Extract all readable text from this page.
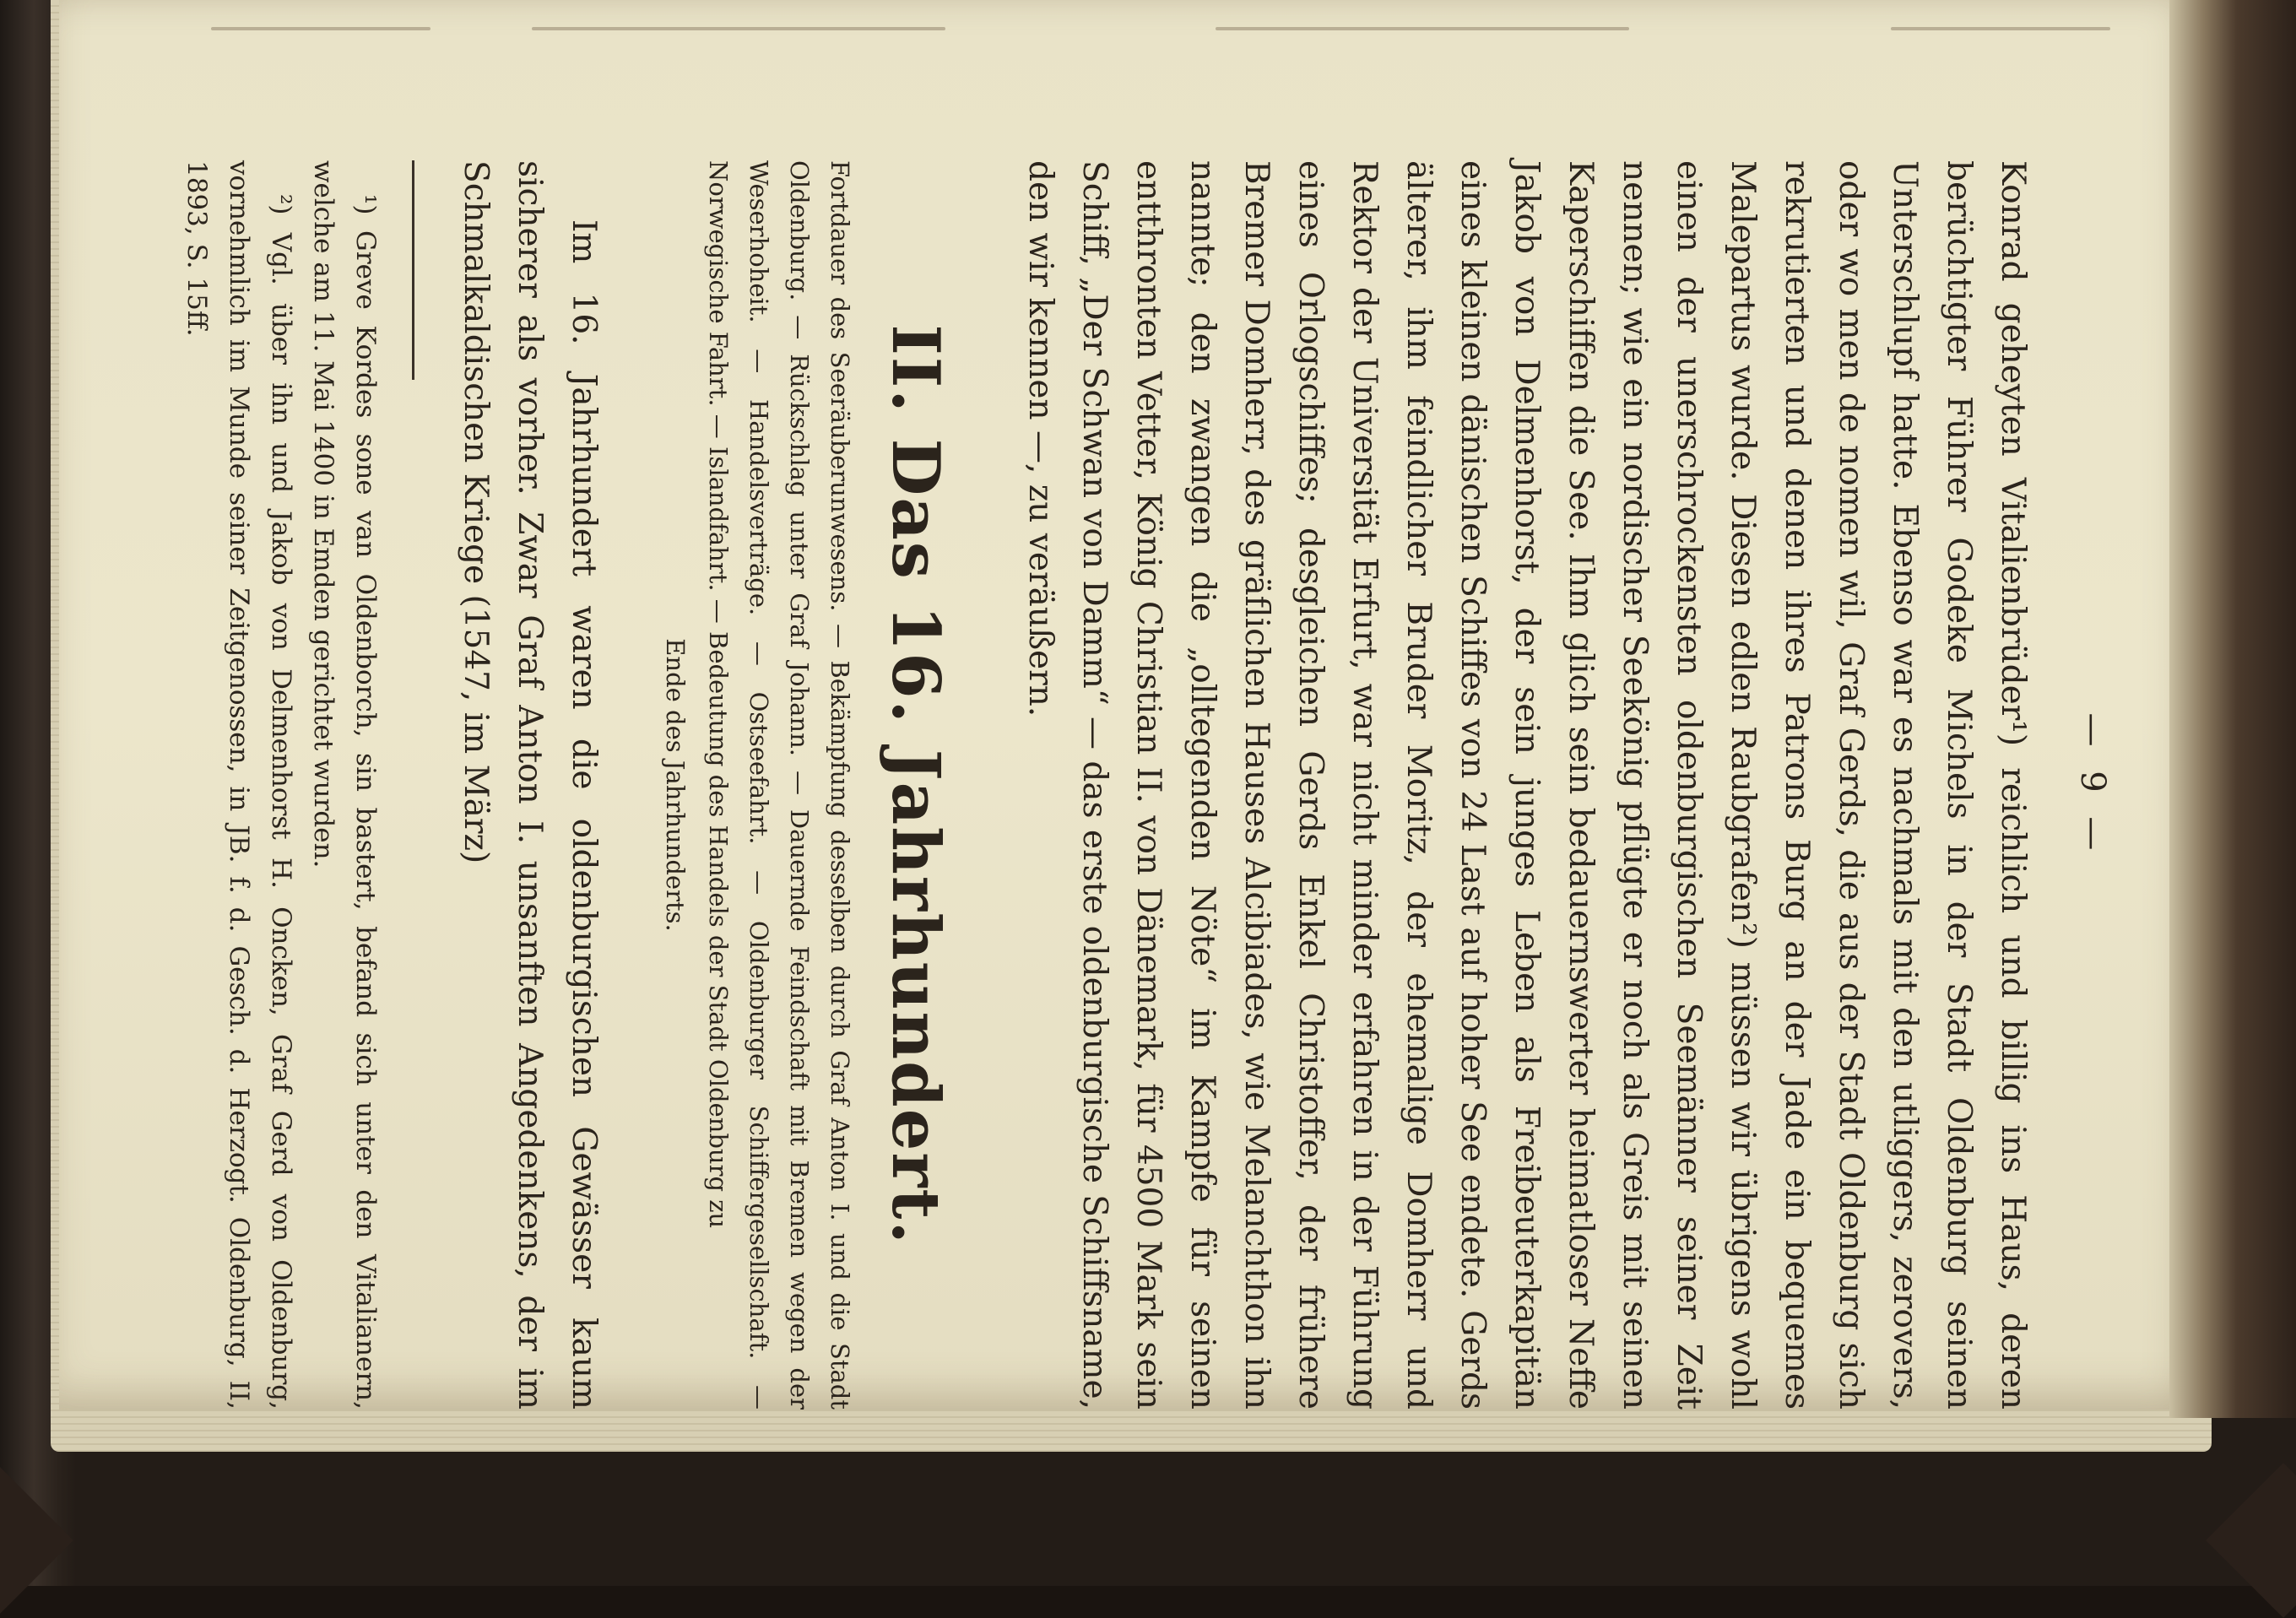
— 9 —

Konrad geheyten Vitalienbrüder¹) reichlich und billig ins Haus, deren berüchtigter Führer Godeke Michels in der Stadt Oldenburg seinen Unterschlupf hatte. Ebenso war es nachmals mit den utliggers, zerovers, oder wo men de nomen wil, Graf Gerds, die aus der Stadt Oldenburg sich rekrutierten und denen ihres Patrons Burg an der Jade ein bequemes Malepartus wurde. Diesen edlen Raubgrafen²) müssen wir übrigens wohl einen der unerschrockensten oldenburgischen Seemänner seiner Zeit nennen; wie ein nordischer Seekönig pflügte er noch als Greis mit seinen Kaperschiffen die See. Ihm glich sein bedauernswerter heimatloser Neffe Jakob von Delmenhorst, der sein junges Leben als Freibeuterkapitän eines kleinen dänischen Schiffes von 24 Last auf hoher See endete. Gerds älterer, ihm feindlicher Bruder Moritz, der ehemalige Domherr und Rektor der Universität Erfurt, war nicht minder erfahren in der Führung eines Orlogschiffes; desgleichen Gerds Enkel Christoffer, der frühere Bremer Domherr, des gräflichen Hauses Alcibiades, wie Melanchthon ihn nannte; den zwangen die „olltegenden Nöte“ im Kampfe für seinen entthronten Vetter, König Christian II. von Dänemark, für 4500 Mark sein Schiff, „Der Schwan von Damm“ — das erste oldenburgische Schiffsname, den wir kennen —, zu veräußern.

II. Das 16. Jahrhundert.

Fortdauer des Seeräuberunwesens. — Bekämpfung desselben durch Graf Anton I. und die Stadt Oldenburg. — Rückschlag unter Graf Johann. — Dauernde Feindschaft mit Bremen wegen der Weserhoheit. — Handelsverträge. — Ostseefahrt. — Oldenburger Schiffergesellschaft. — Norwegische Fahrt. — Islandfahrt. — Bedeutung des Handels der Stadt Oldenburg zu

Ende des Jahrhunderts.

Im 16. Jahrhundert waren die oldenburgischen Gewässer kaum sicherer als vorher. Zwar Graf Anton I. unsanften Angedenkens, der im Schmalkaldischen Kriege (1547, im März)

¹) Greve Kordes sone van Oldenborch, sin bastert, befand sich unter den Vitalianern, welche am 11. Mai 1400 in Emden gerichtet wurden.

²) Vgl. über ihn und Jakob von Delmenhorst H. Oncken, Graf Gerd von Oldenburg, vornehmlich im Munde seiner Zeitgenossen, in JB. f. d. Gesch. d. Herzogt. Oldenburg, II, 1893, S. 15ff.
